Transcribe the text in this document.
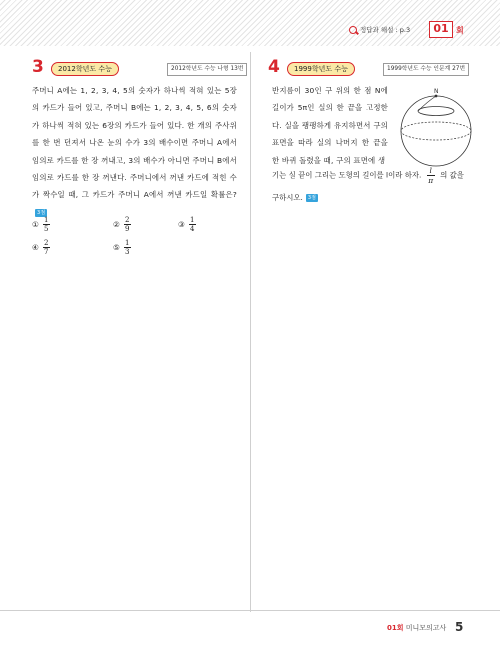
정답과 해설 : p.3	01 회
3	2012학년도 수능	2012학년도 수능 나형 13번
주머니 A에는 1, 2, 3, 4, 5의 숫자가 하나씩 적혀 있는 5장의 카드가 들어 있고, 주머니 B에는 1, 2, 3, 4, 5, 6의 숫자가 하나씩 적혀 있는 6장의 카드가 들어 있다. 한 개의 주사위를 한 번 던져서 나온 눈의 수가 3의 배수이면 주머니 A에서 임의로 카드를 한 장 꺼내고, 3의 배수가 아니면 주머니 B에서 임의로 카드를 한 장 꺼낸다. 주머니에서 꺼낸 카드에 적힌 수가 짝수일 때, 그 카드가 주머니 A에서 꺼낸 카드일 확률은?3점
① $\frac{1}{5}$	② $\frac{2}{9}$	③ $\frac{1}{4}$
④ $\frac{2}{7}$	⑤ $\frac{1}{3}$
4	1999학년도 수능	1999학년도 수능 인문계 27번
반지름이 30인 구 위의 한 점 N에 길이가 5π인 실의 한 끝을 고정한다. 실을 팽팽하게 유지하면서 구의 표면을 따라 실의 나머지 한 끝을 한 바퀴 돌렸을 때, 구의 표면에 생
N
기는 실 끝이 그리는 도형의 길이를 l이라 하자. $\frac{l}{\pi}$ 의 값을
구하시오. 3점
01회 미니모의고사 5
